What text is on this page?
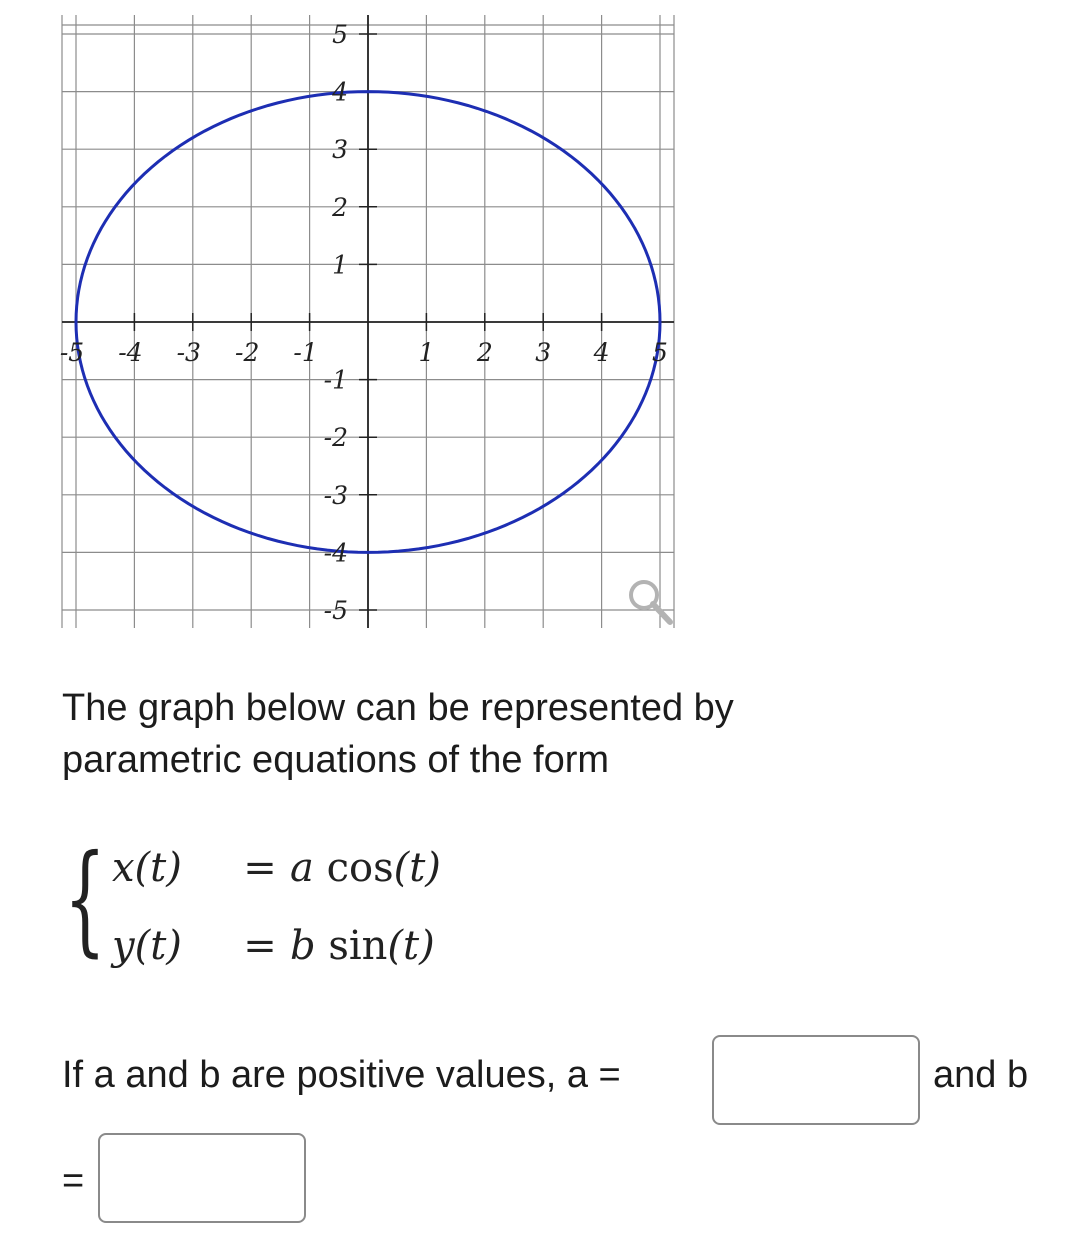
-5 -4 -3 -2 -1	1 2 3 4 5
5
4
3
2
1
-1
-2
-3
-4
-5

The graph below can be represented by
parametric equations of the form

{ x(t) = a cos(t)
y(t) = b sin(t)
If a and b are positive values, a =	and b
=
